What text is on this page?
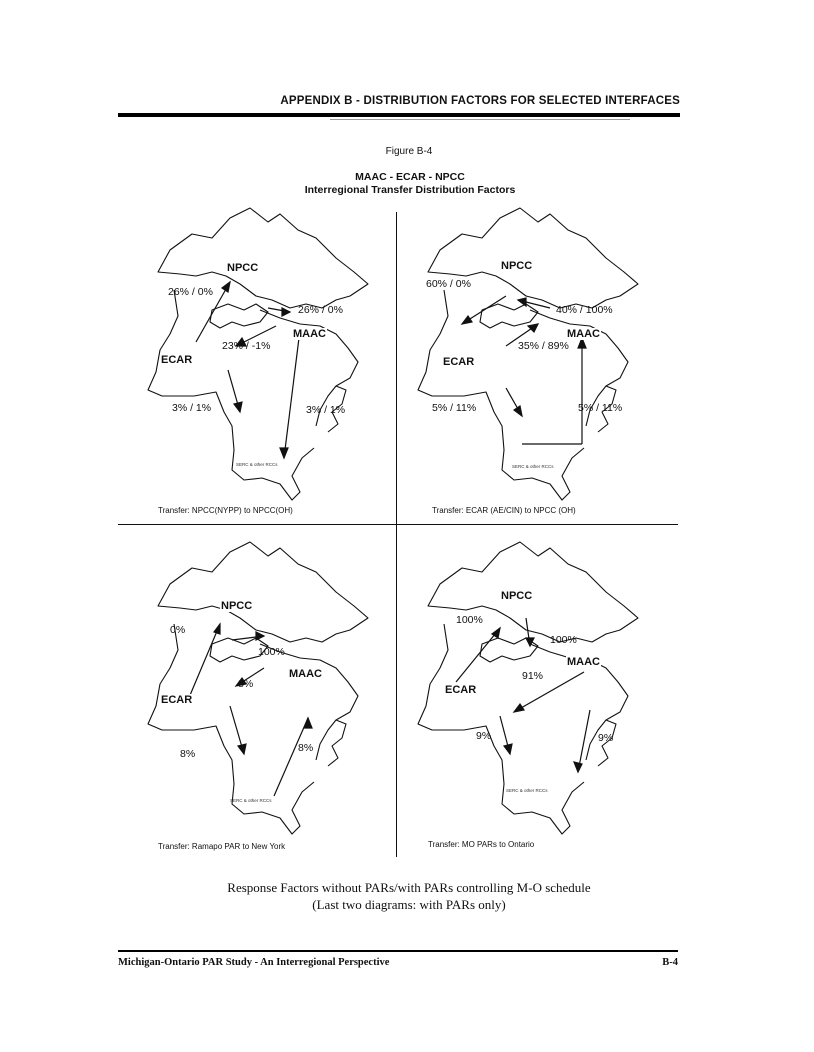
APPENDIX B - DISTRIBUTION FACTORS FOR SELECTED INTERFACES
Figure B-4
MAAC - ECAR - NPCC
Interregional Transfer Distribution Factors
NPCC
MAAC
ECAR
26% / 0%
26% / 0%
23% / -1%
3% / 1%	3% / 1%
SERC & other RCCs
Transfer: NPCC(NYPP) to NPCC(OH)
NPCC
MAAC
ECAR
60% / 0%
40% / 100%
35% / 89%
5% / 11%	5% / 11%
SERC & other RCCs
Transfer: ECAR (AE/CIN) to NPCC (OH)
NPCC
MAAC
ECAR
0%
100%
8%
8%	8%
SERC & other RCCs
Transfer: Ramapo PAR to New York
NPCC
MAAC
ECAR
100%
100%
91%
9%	9%
SERC & other RCCs
Transfer: MO PARs to Ontario
Response Factors without PARs/with PARs controlling M-O schedule
(Last two diagrams: with PARs only)
Michigan-Ontario PAR Study - An Interregional Perspective	B-4
